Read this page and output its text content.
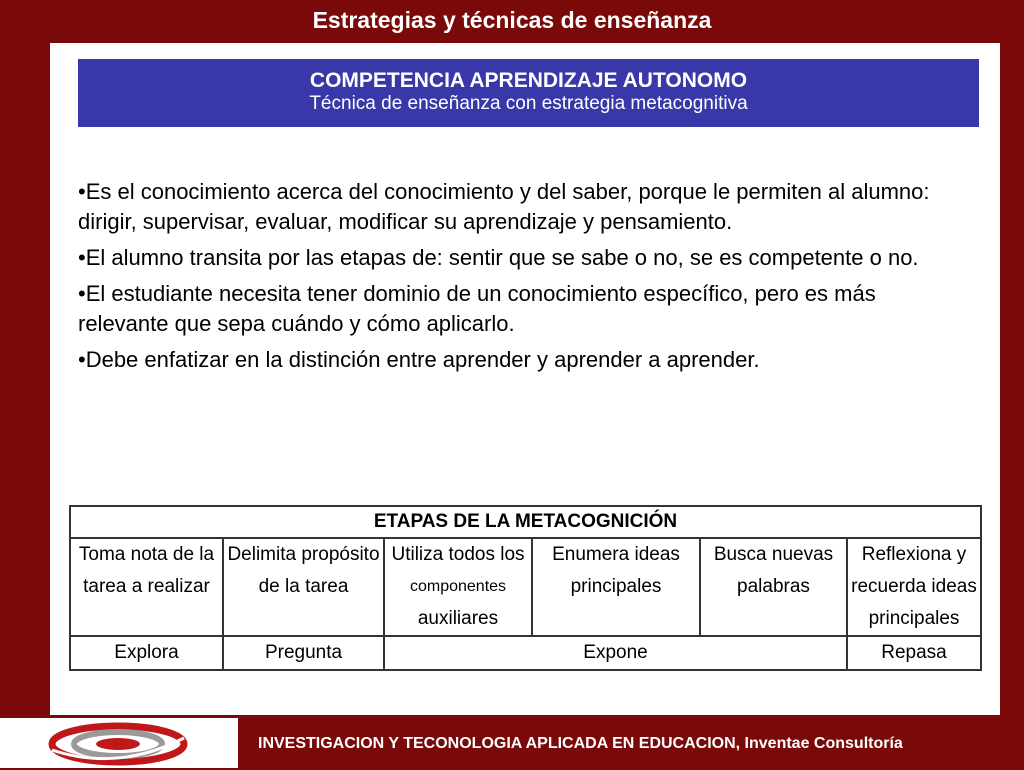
Estrategias y técnicas de enseñanza
COMPETENCIA APRENDIZAJE AUTONOMO
Técnica de enseñanza con estrategia metacognitiva

•Es el conocimiento acerca del conocimiento y del saber, porque le permiten al alumno: dirigir, supervisar, evaluar, modificar su aprendizaje y pensamiento.

•El alumno transita por las etapas de: sentir que se sabe o no, se es competente o no.

•El estudiante necesita tener dominio de un conocimiento específico, pero es más relevante que sepa cuándo y cómo aplicarlo.

•Debe enfatizar en la distinción entre aprender y aprender a aprender.

ETAPAS DE LA METACOGNICIÓN					
Toma nota de la tarea a realizar	Delimita propósito de la tarea	Utiliza todos los
componentes
auxiliares	Enumera ideas principales	Busca nuevas palabras	Reflexiona y recuerda ideas principales
Explora	Pregunta	Expone			Repasa
INVESTIGACION Y TECONOLOGIA APLICADA EN EDUCACION, Inventae Consultoría
